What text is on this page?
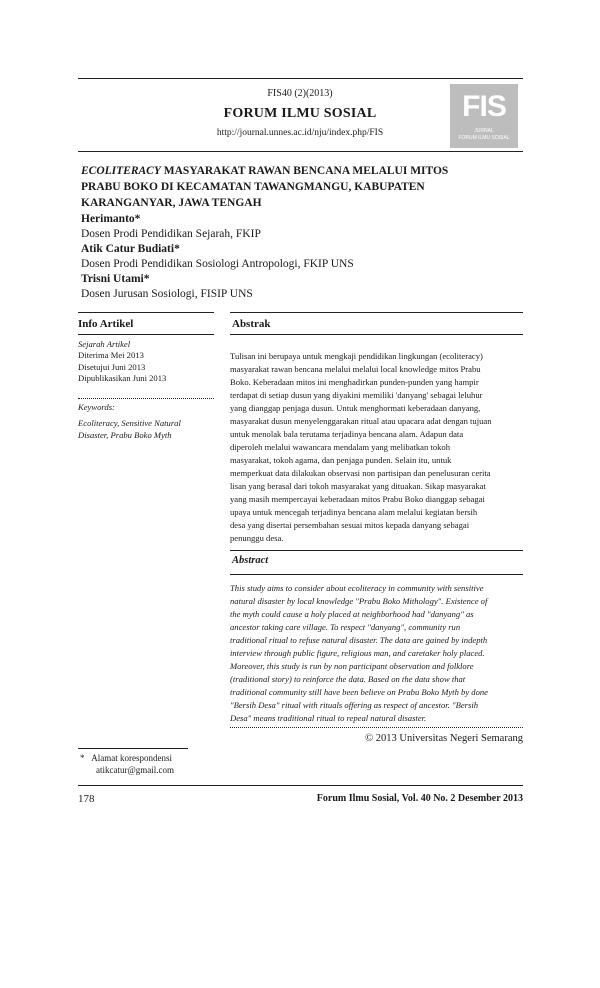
FIS40 (2)(2013)
FORUM ILMU SOSIAL
http://journal.unnes.ac.id/nju/index.php/FIS
FIS
JURNAL
FORUM ILMU SOSIAL
ECOLITERACY MASYARAKAT RAWAN BENCANA MELALUI MITOS
PRABU BOKO DI KECAMATAN TAWANGMANGU, KABUPATEN
KARANGANYAR, JAWA TENGAH
Herimanto*
Dosen Prodi Pendidikan Sejarah, FKIP
Atik Catur Budiati*
Dosen Prodi Pendidikan Sosiologi Antropologi, FKIP UNS
Trisni Utami*
Dosen Jurusan Sosiologi, FISIP UNS
Info Artikel
Sejarah Artikel
Diterima Mei 2013
Disetujui Juni 2013
Dipublikasikan Juni 2013
Keywords:
Ecoliteracy, Sensitive Natural
Disaster, Prabu Boko Myth
Abstrak
Tulisan ini berupaya untuk mengkaji pendidikan lingkungan (ecoliteracy)
masyarakat rawan bencana melalui melalui local knowledge mitos Prabu
Boko. Keberadaan mitos ini menghadirkan punden-punden yang hampir
terdapat di setiap dusun yang diyakini memiliki 'danyang' sebagai leluhur
yang dianggap penjaga dusun. Untuk menghormati keberadaan danyang,
masyarakat dusun menyelenggarakan ritual atau upacara adat dengan tujuan
untuk menolak bala terutama terjadinya bencana alam. Adapun data
diperoleh melalui wawancara mendalam yang melibatkan tokoh
masyarakat, tokoh agama, dan penjaga punden. Selain itu, untuk
memperkuat data dilakukan observasi non partisipan dan penelusuran cerita
lisan yang berasal dari tokoh masyarakat yang dituakan. Sikap masyarakat
yang masih mempercayai keberadaan mitos Prabu Boko dianggap sebagai
upaya untuk mencegah terjadinya bencana alam melalui kegiatan bersih
desa yang disertai persembahan sesuai mitos kepada danyang sebagai
penunggu desa.
Abstract
This study aims to consider about ecoliteracy in community with sensitive
natural disaster by local knowledge "Prabu Boko Mithology". Existence of
the myth could cause a holy placed at neighborhood had "danyang" as
ancestor taking care village. To respect "danyang", community run
traditional ritual to refuse natural disaster. The data are gained by indepth
interview through public figure, religious man, and caretaker holy placed.
Moreover, this study is run by non participant observation and folklore
(traditional story) to reinforce the data. Based on the data show that
traditional community still have been believe on Prabu Boko Myth by done
"Bersih Desa" ritual with rituals offering as respect of ancestor. "Bersih
Desa" means traditional ritual to repeal natural disaster.
© 2013 Universitas Negeri Semarang
* Alamat korespondensi
atikcatur@gmail.com
178	Forum Ilmu Sosial, Vol. 40 No. 2 Desember 2013
